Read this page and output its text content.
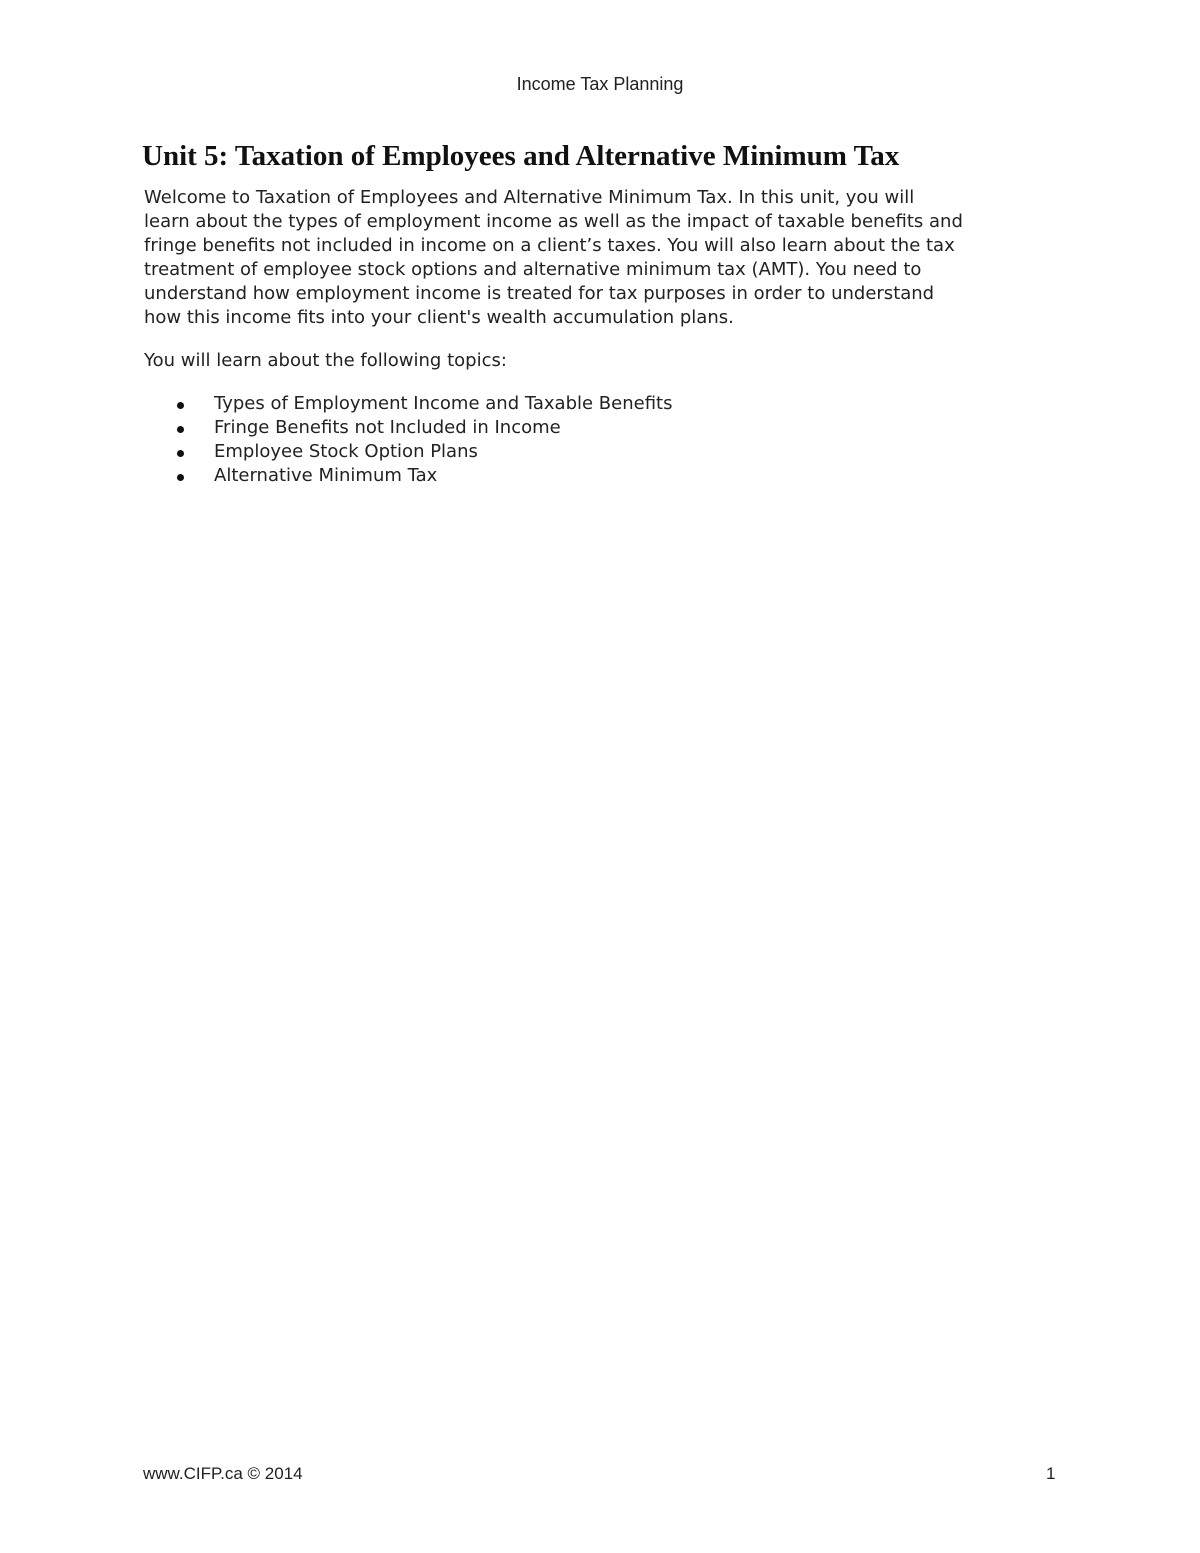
Income Tax Planning
Unit 5: Taxation of Employees and Alternative Minimum Tax
Welcome to Taxation of Employees and Alternative Minimum Tax. In this unit, you will
learn about the types of employment income as well as the impact of taxable benefits and
fringe benefits not included in income on a client’s taxes. You will also learn about the tax
treatment of employee stock options and alternative minimum tax (AMT). You need to
understand how employment income is treated for tax purposes in order to understand
how this income fits into your client's wealth accumulation plans.
You will learn about the following topics:
Types of Employment Income and Taxable Benefits
Fringe Benefits not Included in Income
Employee Stock Option Plans
Alternative Minimum Tax
www.CIFP.ca © 2014	1
